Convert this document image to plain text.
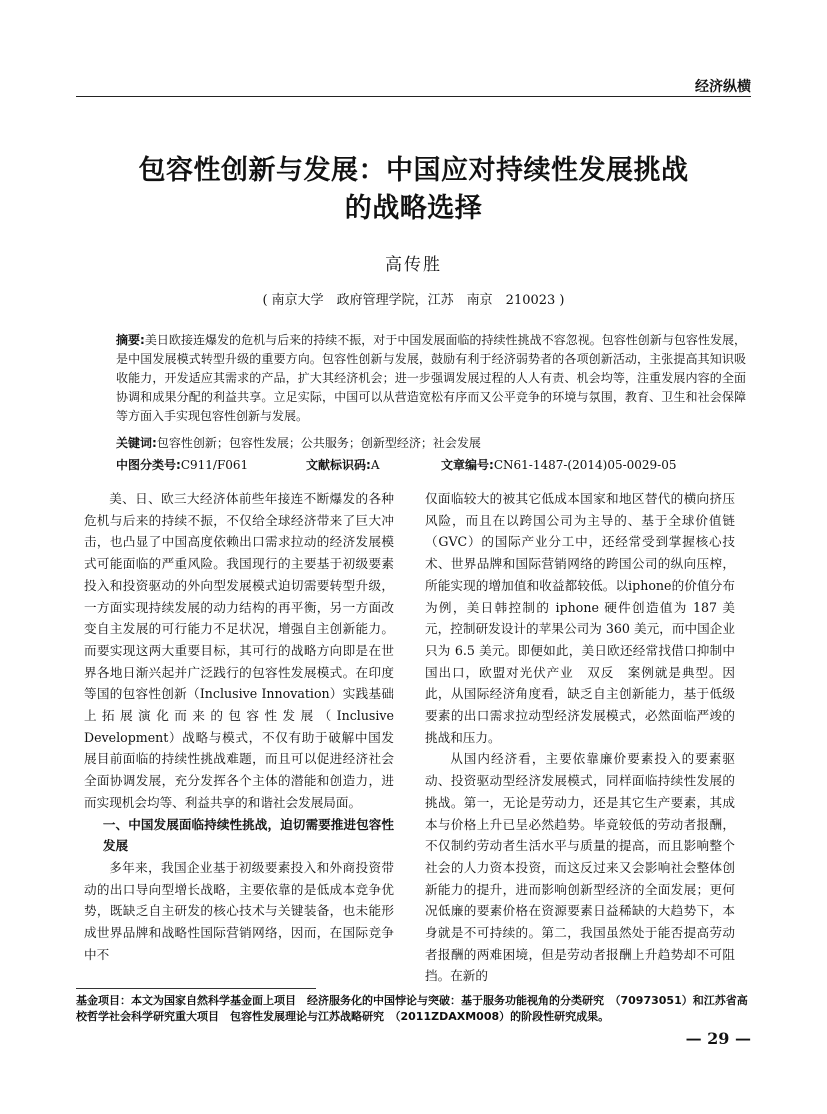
经济纵横
包容性创新与发展：中国应对持续性发展挑战
的战略选择
高传胜
( 南京大学　政府管理学院，江苏　南京　210023 )
摘要:美日欧接连爆发的危机与后来的持续不振，对于中国发展面临的持续性挑战不容忽视。包容性创新与包容性发展，是中国发展模式转型升级的重要方向。包容性创新与发展，鼓励有利于经济弱势者的各项创新活动，主张提高其知识吸收能力，开发适应其需求的产品，扩大其经济机会；进一步强调发展过程的人人有责、机会均等，注重发展内容的全面协调和成果分配的利益共享。立足实际，中国可以从营造宽松有序而又公平竞争的环境与氛围，教育、卫生和社会保障等方面入手实现包容性创新与发展。
关键词:包容性创新；包容性发展；公共服务；创新型经济；社会发展
中图分类号:C911/F061	文献标识码:A	文章编号:CN61-1487-(2014)05-0029-05

美、日、欧三大经济体前些年接连不断爆发的各种危机与后来的持续不振，不仅给全球经济带来了巨大冲击，也凸显了中国高度依赖出口需求拉动的经济发展模式可能面临的严重风险。我国现行的主要基于初级要素投入和投资驱动的外向型发展模式迫切需要转型升级，一方面实现持续发展的动力结构的再平衡，另一方面改变自主发展的可行能力不足状况，增强自主创新能力。而要实现这两大重要目标，其可行的战略方向即是在世界各地日渐兴起并广泛践行的包容性发展模式。在印度等国的包容性创新（Inclusive Innovation）实践基础上拓展演化而来的包容性发展（Inclusive Development）战略与模式，不仅有助于破解中国发展目前面临的持续性挑战难题，而且可以促进经济社会全面协调发展，充分发挥各个主体的潜能和创造力，进而实现机会均等、利益共享的和谐社会发展局面。

一、中国发展面临持续性挑战，迫切需要推进包容性发展

多年来，我国企业基于初级要素投入和外商投资带动的出口导向型增长战略，主要依靠的是低成本竞争优势，既缺乏自主研发的核心技术与关键装备，也未能形成世界品牌和战略性国际营销网络，因而，在国际竞争中不

仅面临较大的被其它低成本国家和地区替代的横向挤压风险，而且在以跨国公司为主导的、基于全球价值链（GVC）的国际产业分工中，还经常受到掌握核心技术、世界品牌和国际营销网络的跨国公司的纵向压榨，所能实现的增加值和收益都较低。以iphone的价值分布为例，美日韩控制的 iphone 硬件创造值为 187 美元，控制研发设计的苹果公司为 360 美元，而中国企业只为 6.5 美元。即便如此，美日欧还经常找借口抑制中国出口，欧盟对光伏产业　双反　案例就是典型。因此，从国际经济角度看，缺乏自主创新能力，基于低级要素的出口需求拉动型经济发展模式，必然面临严竣的挑战和压力。

从国内经济看，主要依靠廉价要素投入的要素驱动、投资驱动型经济发展模式，同样面临持续性发展的挑战。第一，无论是劳动力，还是其它生产要素，其成本与价格上升已呈必然趋势。毕竟较低的劳动者报酬，不仅制约劳动者生活水平与质量的提高，而且影响整个社会的人力资本投资，而这反过来又会影响社会整体创新能力的提升，进而影响创新型经济的全面发展；更何况低廉的要素价格在资源要素日益稀缺的大趋势下，本身就是不可持续的。第二，我国虽然处于能否提高劳动者报酬的两难困境，但是劳动者报酬上升趋势却不可阻挡。在新的

基金项目：本文为国家自然科学基金面上项目　经济服务化的中国悖论与突破：基于服务功能视角的分类研究　（70973051）和江苏省高校哲学社会科学研究重大项目　包容性发展理论与江苏战略研究　（2011ZDAXM008）的阶段性研究成果。
— 29 —
